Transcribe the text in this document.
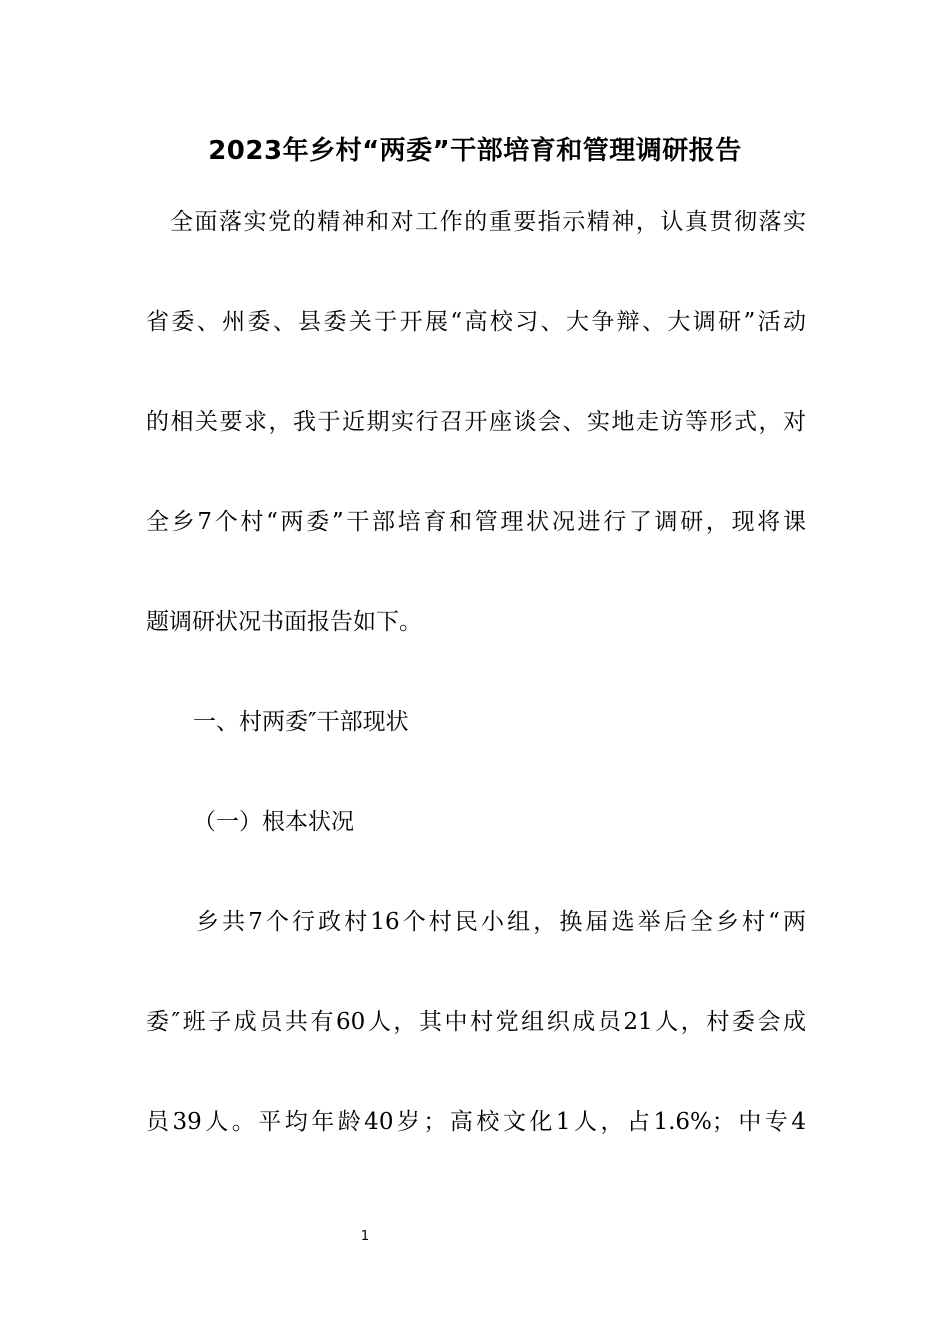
2023年乡村“两委”干部培育和管理调研报告
全面落实党的精神和对工作的重要指示精神，认真贯彻落实
省委、州委、县委关于开展“高校习、大争辩、大调研”活动
的相关要求，我于近期实行召开座谈会、实地走访等形式，对
全乡7个村“两委”干部培育和管理状况进行了调研，现将课
题调研状况书面报告如下。
一、村两委″干部现状
（一）根本状况
乡共7个行政村16个村民小组，换届选举后全乡村“两
委″班子成员共有60人，其中村党组织成员21人，村委会成
员39人。平均年龄40岁；高校文化1人，占1.6%；中专4
1
